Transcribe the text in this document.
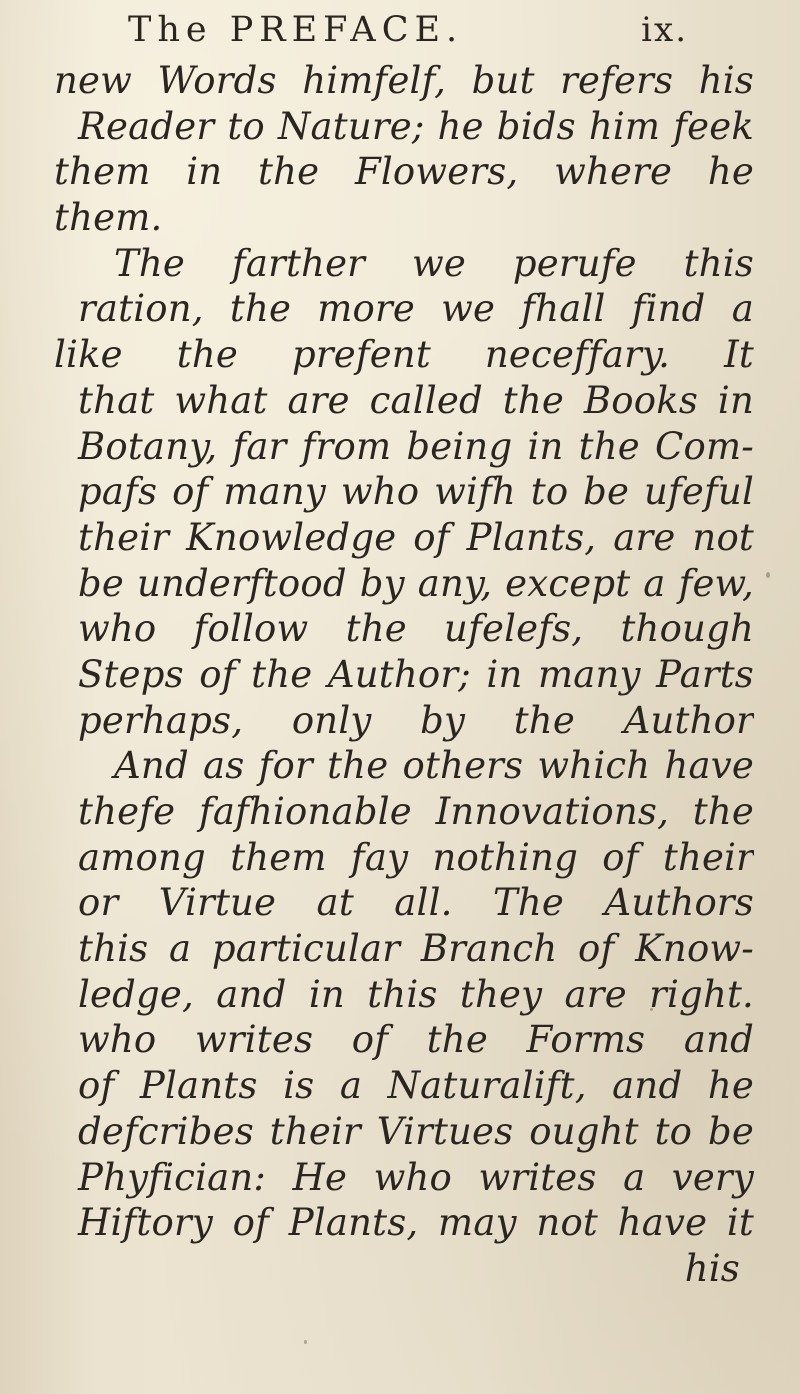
The PREFACE.	ix.
new Words himfelf, but refers his
Reader to Nature; he bids him feek
them in the Flowers, where he
them.
The farther we perufe this
ration, the more we fhall find a
like the prefent neceffary. It
that what are called the Books in
Botany, far from being in the Com-
pafs of many who wifh to be ufeful
their Knowledge of Plants, are not
be underftood by any, except a few,
who follow the ufelefs, though
Steps of the Author; in many Parts
perhaps, only by the Author
And as for the others which have
thefe fafhionable Innovations, the
among them fay nothing of their
or Virtue at all. The Authors
this a particular Branch of Know-
ledge, and in this they are right.
who writes of the Forms and
of Plants is a Naturalift, and he
defcribes their Virtues ought to be
Phyfician: He who writes a very
Hiftory of Plants, may not have it
his
